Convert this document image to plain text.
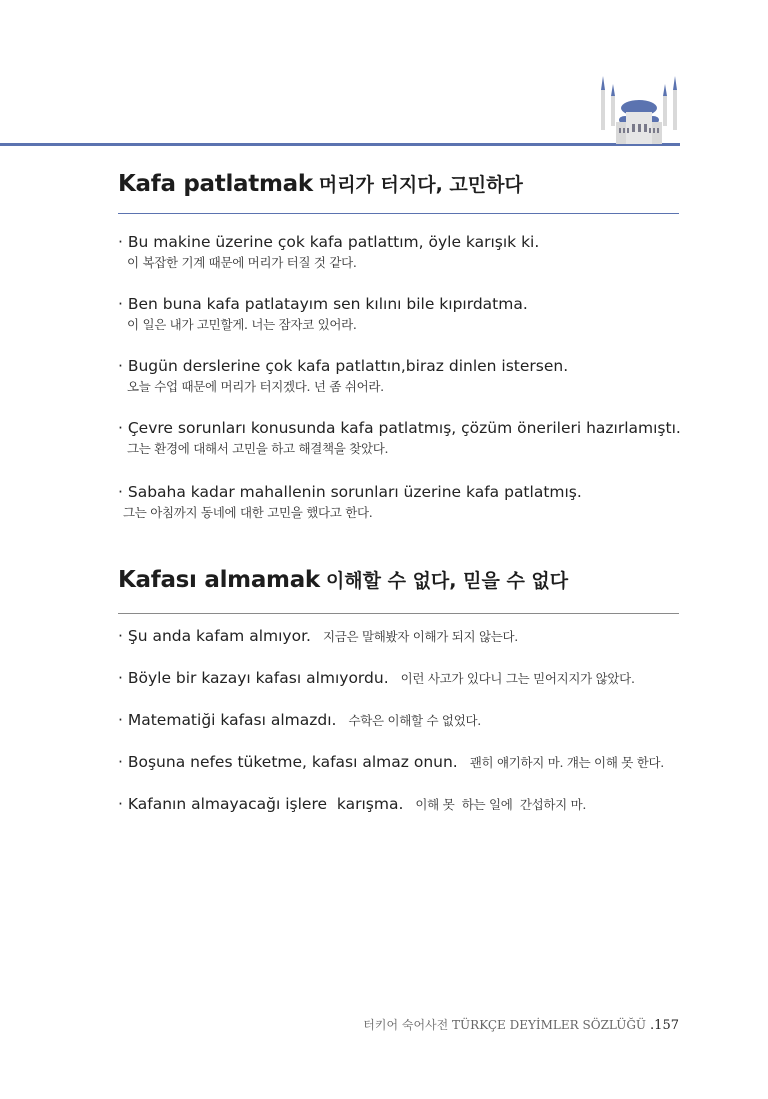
Kafa patlatmak 머리가 터지다, 고민하다
· Bu makine üzerine çok kafa patlattım, öyle karışık ki.
이 복잡한 기계 때문에 머리가 터질 것 같다.
· Ben buna kafa patlatayım sen kılını bile kıpırdatma.
이 일은 내가 고민할게. 너는 잠자코 있어라.
· Bugün derslerine çok kafa patlattın,biraz dinlen istersen.
오늘 수업 때문에 머리가 터지겠다. 넌 좀 쉬어라.
· Çevre sorunları konusunda kafa patlatmış, çözüm önerileri hazırlamıştı.
그는 환경에 대해서 고민을 하고 해결책을 찾았다.
· Sabaha kadar mahallenin sorunları üzerine kafa patlatmış.
그는 아침까지 동네에 대한 고민을 했다고 한다.
Kafası almamak 이해할 수 없다, 믿을 수 없다
· Şu anda kafam almıyor. 지금은 말해봤자 이해가 되지 않는다.
· Böyle bir kazayı kafası almıyordu. 이런 사고가 있다니 그는 믿어지지가 않았다.
· Matematiği kafası almazdı. 수학은 이해할 수 없었다.
· Boşuna nefes tüketme, kafası almaz onun. 괜히 얘기하지 마. 걔는 이해 못 한다.
· Kafanın almayacağı işlere  karışma. 이해 못  하는 일에  간섭하지 마.
터키어 숙어사전 TÜRKÇE DEYİMLER SÖZLÜĞÜ .157
